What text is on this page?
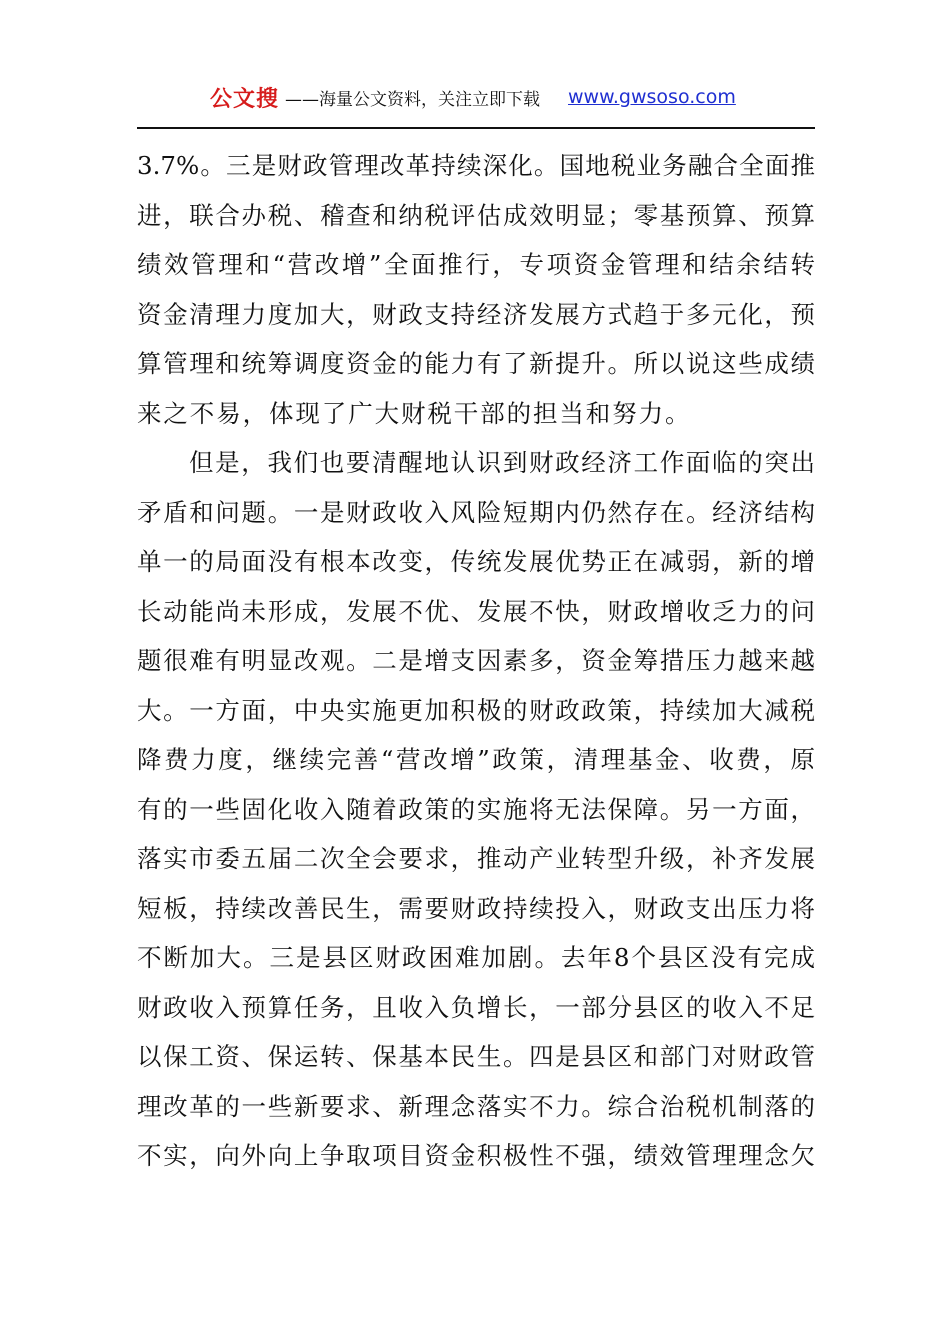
公文搜 ——海量公文资料，关注立即下载 www.gwsoso.com
3.7%。三是财政管理改革持续深化。国地税业务融合全面推
进，联合办税、稽查和纳税评估成效明显；零基预算、预算
绩效管理和“营改增”全面推行，专项资金管理和结余结转
资金清理力度加大，财政支持经济发展方式趋于多元化，预
算管理和统筹调度资金的能力有了新提升。所以说这些成绩
来之不易，体现了广大财税干部的担当和努力。
但是，我们也要清醒地认识到财政经济工作面临的突出
矛盾和问题。一是财政收入风险短期内仍然存在。经济结构
单一的局面没有根本改变，传统发展优势正在减弱，新的增
长动能尚未形成，发展不优、发展不快，财政增收乏力的问
题很难有明显改观。二是增支因素多，资金筹措压力越来越
大。一方面，中央实施更加积极的财政政策，持续加大减税
降费力度，继续完善“营改增”政策，清理基金、收费，原
有的一些固化收入随着政策的实施将无法保障。另一方面，
落实市委五届二次全会要求，推动产业转型升级，补齐发展
短板，持续改善民生，需要财政持续投入，财政支出压力将
不断加大。三是县区财政困难加剧。去年8个县区没有完成
财政收入预算任务，且收入负增长，一部分县区的收入不足
以保工资、保运转、保基本民生。四是县区和部门对财政管
理改革的一些新要求、新理念落实不力。综合治税机制落的
不实，向外向上争取项目资金积极性不强，绩效管理理念欠
